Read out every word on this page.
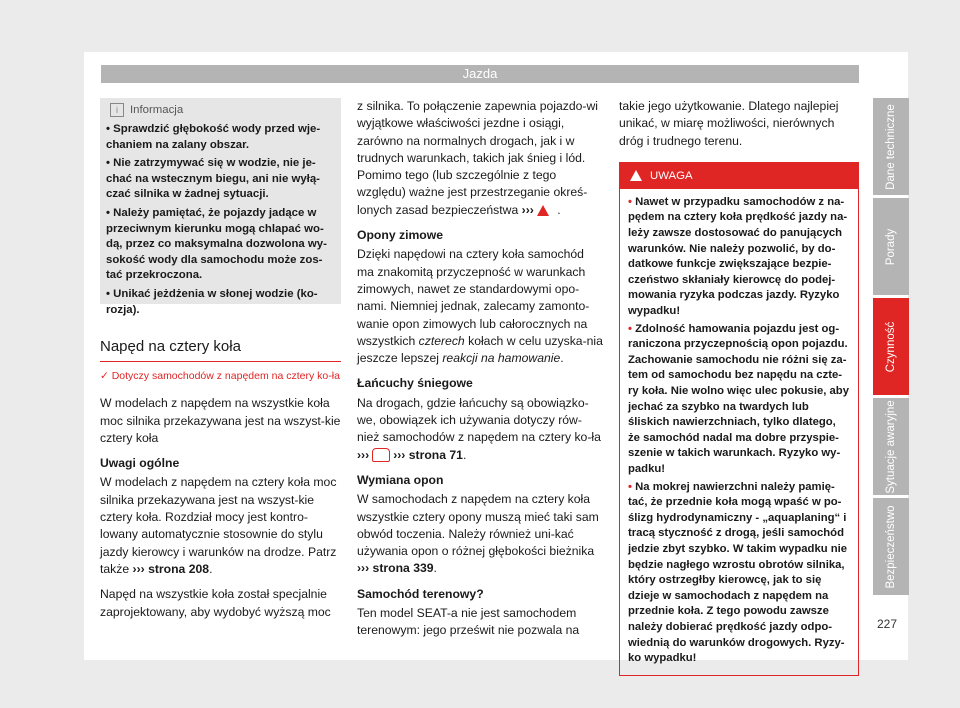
Jazda
i Informacja
• Sprawdzić głębokość wody przed wje-chaniem na zalany obszar.
• Nie zatrzymywać się w wodzie, nie je-chać na wstecznym biegu, ani nie wyłą-czać silnika w żadnej sytuacji.
• Należy pamiętać, że pojazdy jadące w przeciwnym kierunku mogą chlapać wo-dą, przez co maksymalna dozwolona wy-sokość wody dla samochodu może zos-tać przekroczona.
• Unikać jeżdżenia w słonej wodzie (ko-rozja).
Napęd na cztery koła
✓ Dotyczy samochodów z napędem na cztery ko-ła

W modelach z napędem na wszystkie koła moc silnika przekazywana jest na wszyst-kie cztery koła

Uwagi ogólne

W modelach z napędem na cztery koła moc silnika przekazywana jest na wszyst-kie cztery koła. Rozdział mocy jest kontro-lowany automatycznie stosownie do stylu jazdy kierowcy i warunków na drodze. Patrz także ››› strona 208.

Napęd na wszystkie koła został specjalnie zaprojektowany, aby wydobyć wyższą moc

z silnika. To połączenie zapewnia pojazdo-wi wyjątkowe właściwości jezdne i osiągi, zarówno na normalnych drogach, jak i w trudnych warunkach, takich jak śnieg i lód. Pomimo tego (lub szczególnie z tego względu) ważne jest przestrzeganie okreś-lonych zasad bezpieczeństwa ››› .

Opony zimowe

Dzięki napędowi na cztery koła samochód ma znakomitą przyczepność w warunkach zimowych, nawet ze standardowymi opo-nami. Niemniej jednak, zalecamy zamonto-wanie opon zimowych lub całorocznych na wszystkich czterech kołach w celu uzyska-nia jeszcze lepszej reakcji na hamowanie.

Łańcuchy śniegowe

Na drogach, gdzie łańcuchy są obowiązko-we, obowiązek ich używania dotyczy rów-nież samochodów z napędem na cztery ko-ła ››› ››› strona 71.

Wymiana opon

W samochodach z napędem na cztery koła wszystkie cztery opony muszą mieć taki sam obwód toczenia. Należy również uni-kać używania opon o różnej głębokości bieżnika ››› strona 339.

Samochód terenowy?

Ten model SEAT-a nie jest samochodem terenowym: jego prześwit nie pozwala na

takie jego użytkowanie. Dlatego najlepiej unikać, w miarę możliwości, nierównych dróg i trudnego terenu.

UWAGA
• Nawet w przypadku samochodów z na-pędem na cztery koła prędkość jazdy na-leży zawsze dostosować do panujących warunków. Nie należy pozwolić, by do-datkowe funkcje zwiększające bezpie-czeństwo skłaniały kierowcę do podej-mowania ryzyka podczas jazdy. Ryzyko wypadku!
• Zdolność hamowania pojazdu jest og-raniczona przyczepnością opon pojazdu. Zachowanie samochodu nie różni się za-tem od samochodu bez napędu na czte-ry koła. Nie wolno więc ulec pokusie, aby jechać za szybko na twardych lub śliskich nawierzchniach, tylko dlatego, że samochód nadal ma dobre przyspie-szenie w takich warunkach. Ryzyko wy-padku!
• Na mokrej nawierzchni należy pamię-tać, że przednie koła mogą wpaść w po-ślizg hydrodynamiczny - „aquaplaning“ i tracą styczność z drogą, jeśli samochód jedzie zbyt szybko. W takim wypadku nie będzie nagłego wzrostu obrotów silnika, który ostrzegłby kierowcę, jak to się dzieje w samochodach z napędem na przednie koła. Z tego powodu zawsze należy dobierać prędkość jazdy odpo-wiednią do warunków drogowych. Ryzy-ko wypadku!
Dane techniczne
Porady
Czynność
Sytuacje awaryjne
Bezpieczeństwo
227
